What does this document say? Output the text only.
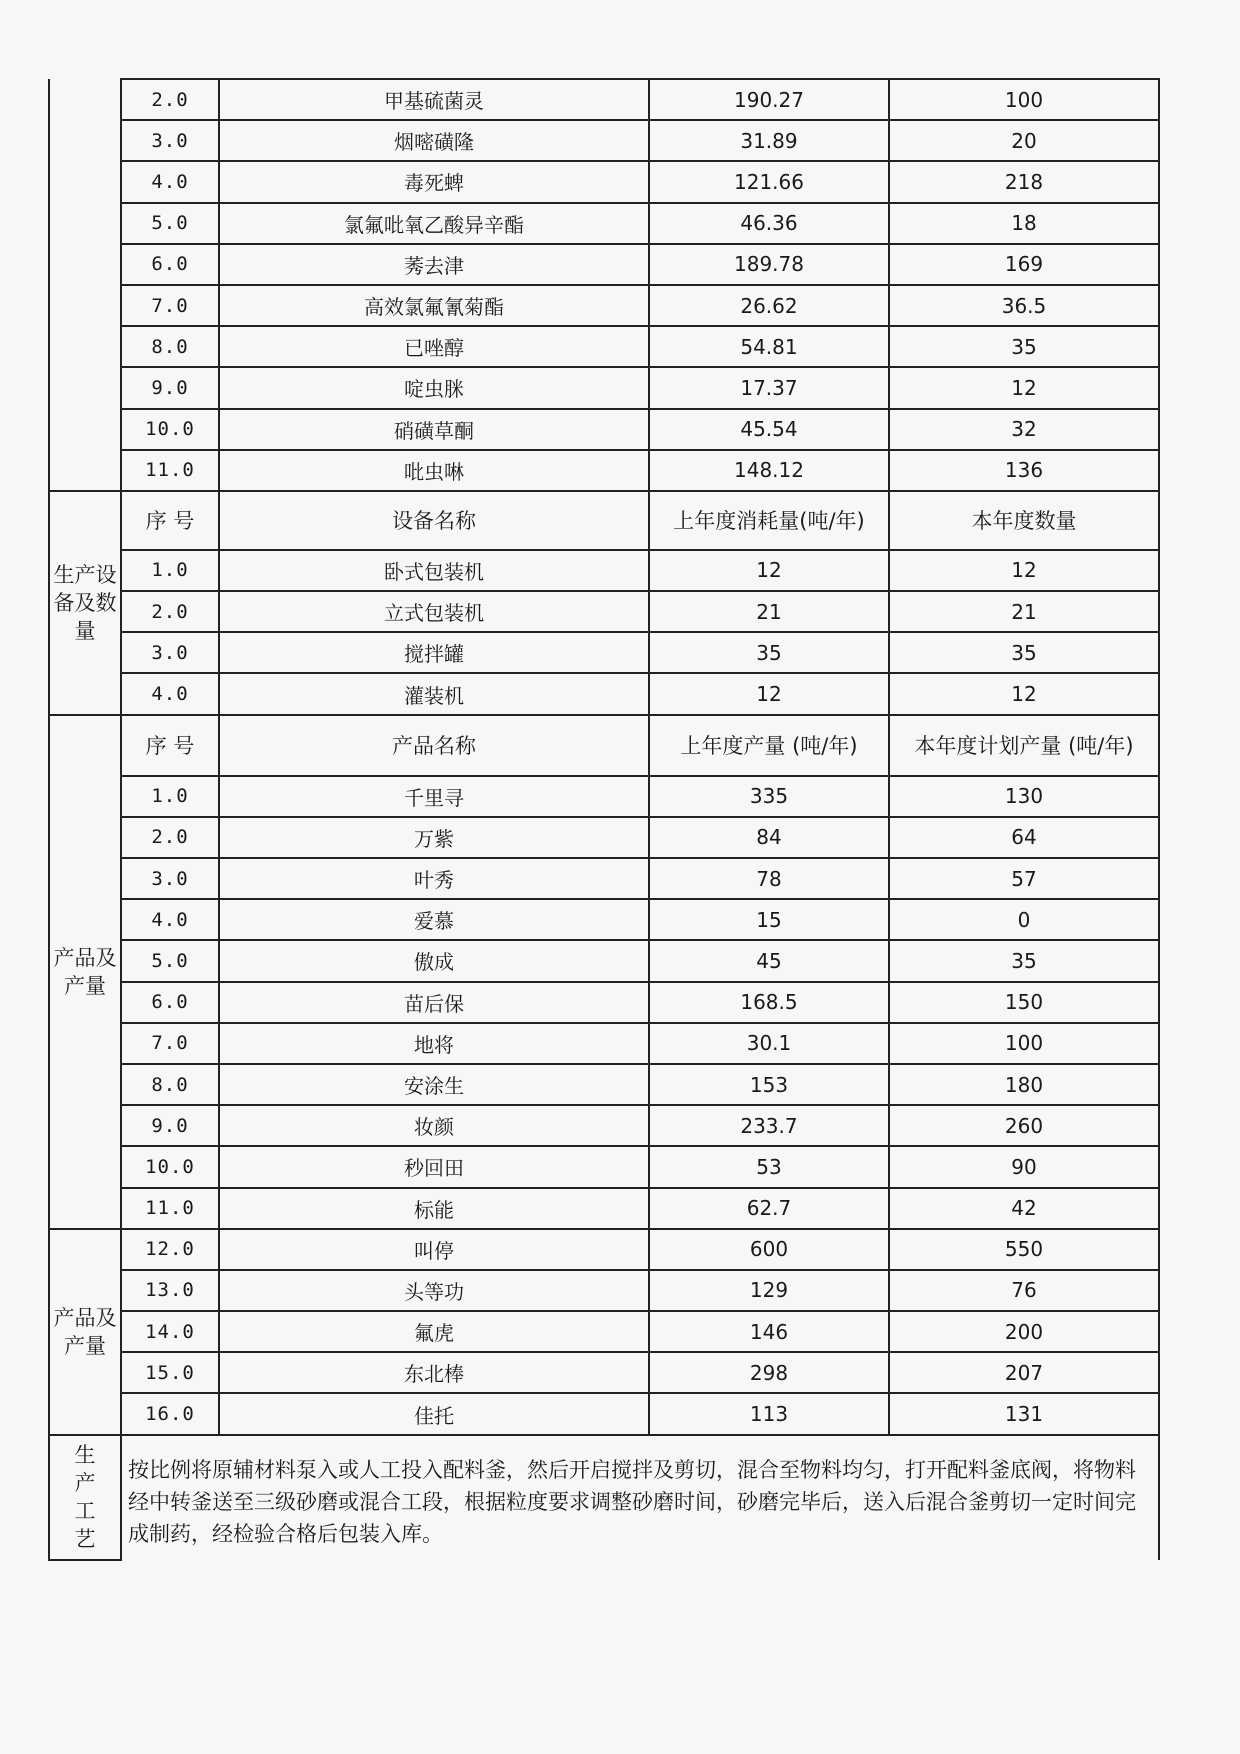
	2.0	甲基硫菌灵	190.27	100
	3.0	烟嘧磺隆	31.89	20
	4.0	毒死蜱	121.66	218
	5.0	氯氟吡氧乙酸异辛酯	46.36	18
	6.0	莠去津	189.78	169
	7.0	高效氯氟氰菊酯	26.62	36.5
	8.0	已唑醇	54.81	35
	9.0	啶虫脒	17.37	12
	10.0	硝磺草酮	45.54	32
	11.0	吡虫啉	148.12	136
生产设备及数量	序 号	设备名称	上年度消耗量(吨/年)	本年度数量
	1.0	卧式包装机	12	12
	2.0	立式包装机	21	21
	3.0	搅拌罐	35	35
	4.0	灌装机	12	12
产品及产量	序 号	产品名称	上年度产量 (吨/年)	本年度计划产量 (吨/年)
	1.0	千里寻	335	130
	2.0	万紫	84	64
	3.0	叶秀	78	57
	4.0	爱慕	15	0
	5.0	傲成	45	35
	6.0	苗后保	168.5	150
	7.0	地将	30.1	100
	8.0	安涂生	153	180
	9.0	妆颜	233.7	260
	10.0	秒回田	53	90
	11.0	标能	62.7	42
产品及产量	12.0	叫停	600	550
	13.0	头等功	129	76
	14.0	氟虎	146	200
	15.0	东北棒	298	207
	16.0	佳托	113	131
生产工艺	按比例将原辅材料泵入或人工投入配料釜，然后开启搅拌及剪切，混合至物料均匀，打开配料釜底阀，将物料经中转釜送至三级砂磨或混合工段，根据粒度要求调整砂磨时间，砂磨完毕后，送入后混合釜剪切一定时间完成制药，经检验合格后包装入库。			
